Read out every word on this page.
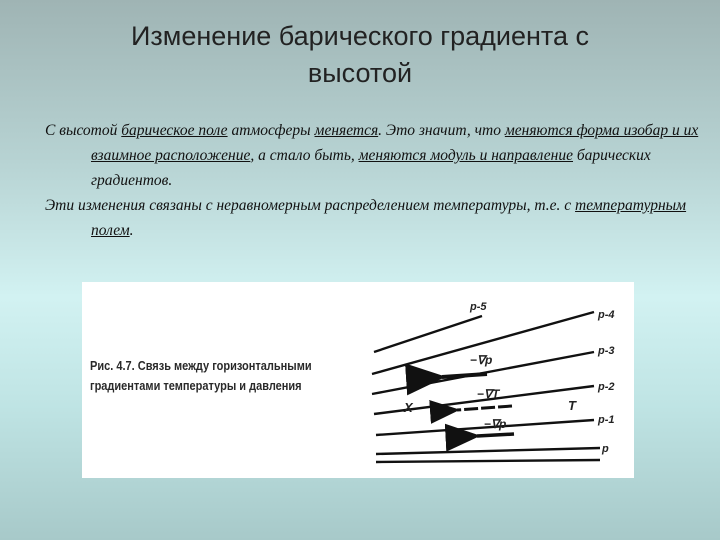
Изменение барического градиента с
высотой
С высотой барическое поле атмосферы меняется. Это значит, что меняются форма изобар и их взаимное расположение, а стало быть, меняются модуль и направление барических градиентов.
Эти изменения связаны с неравномерным распределением температуры, т.е. с температурным полем.
Рис. 4.7. Связь между горизонтальными градиентами температуры и давления
p-5
p-4
p-3
p-2
p-1
p
−∇p
−∇T
−∇p
X	T
